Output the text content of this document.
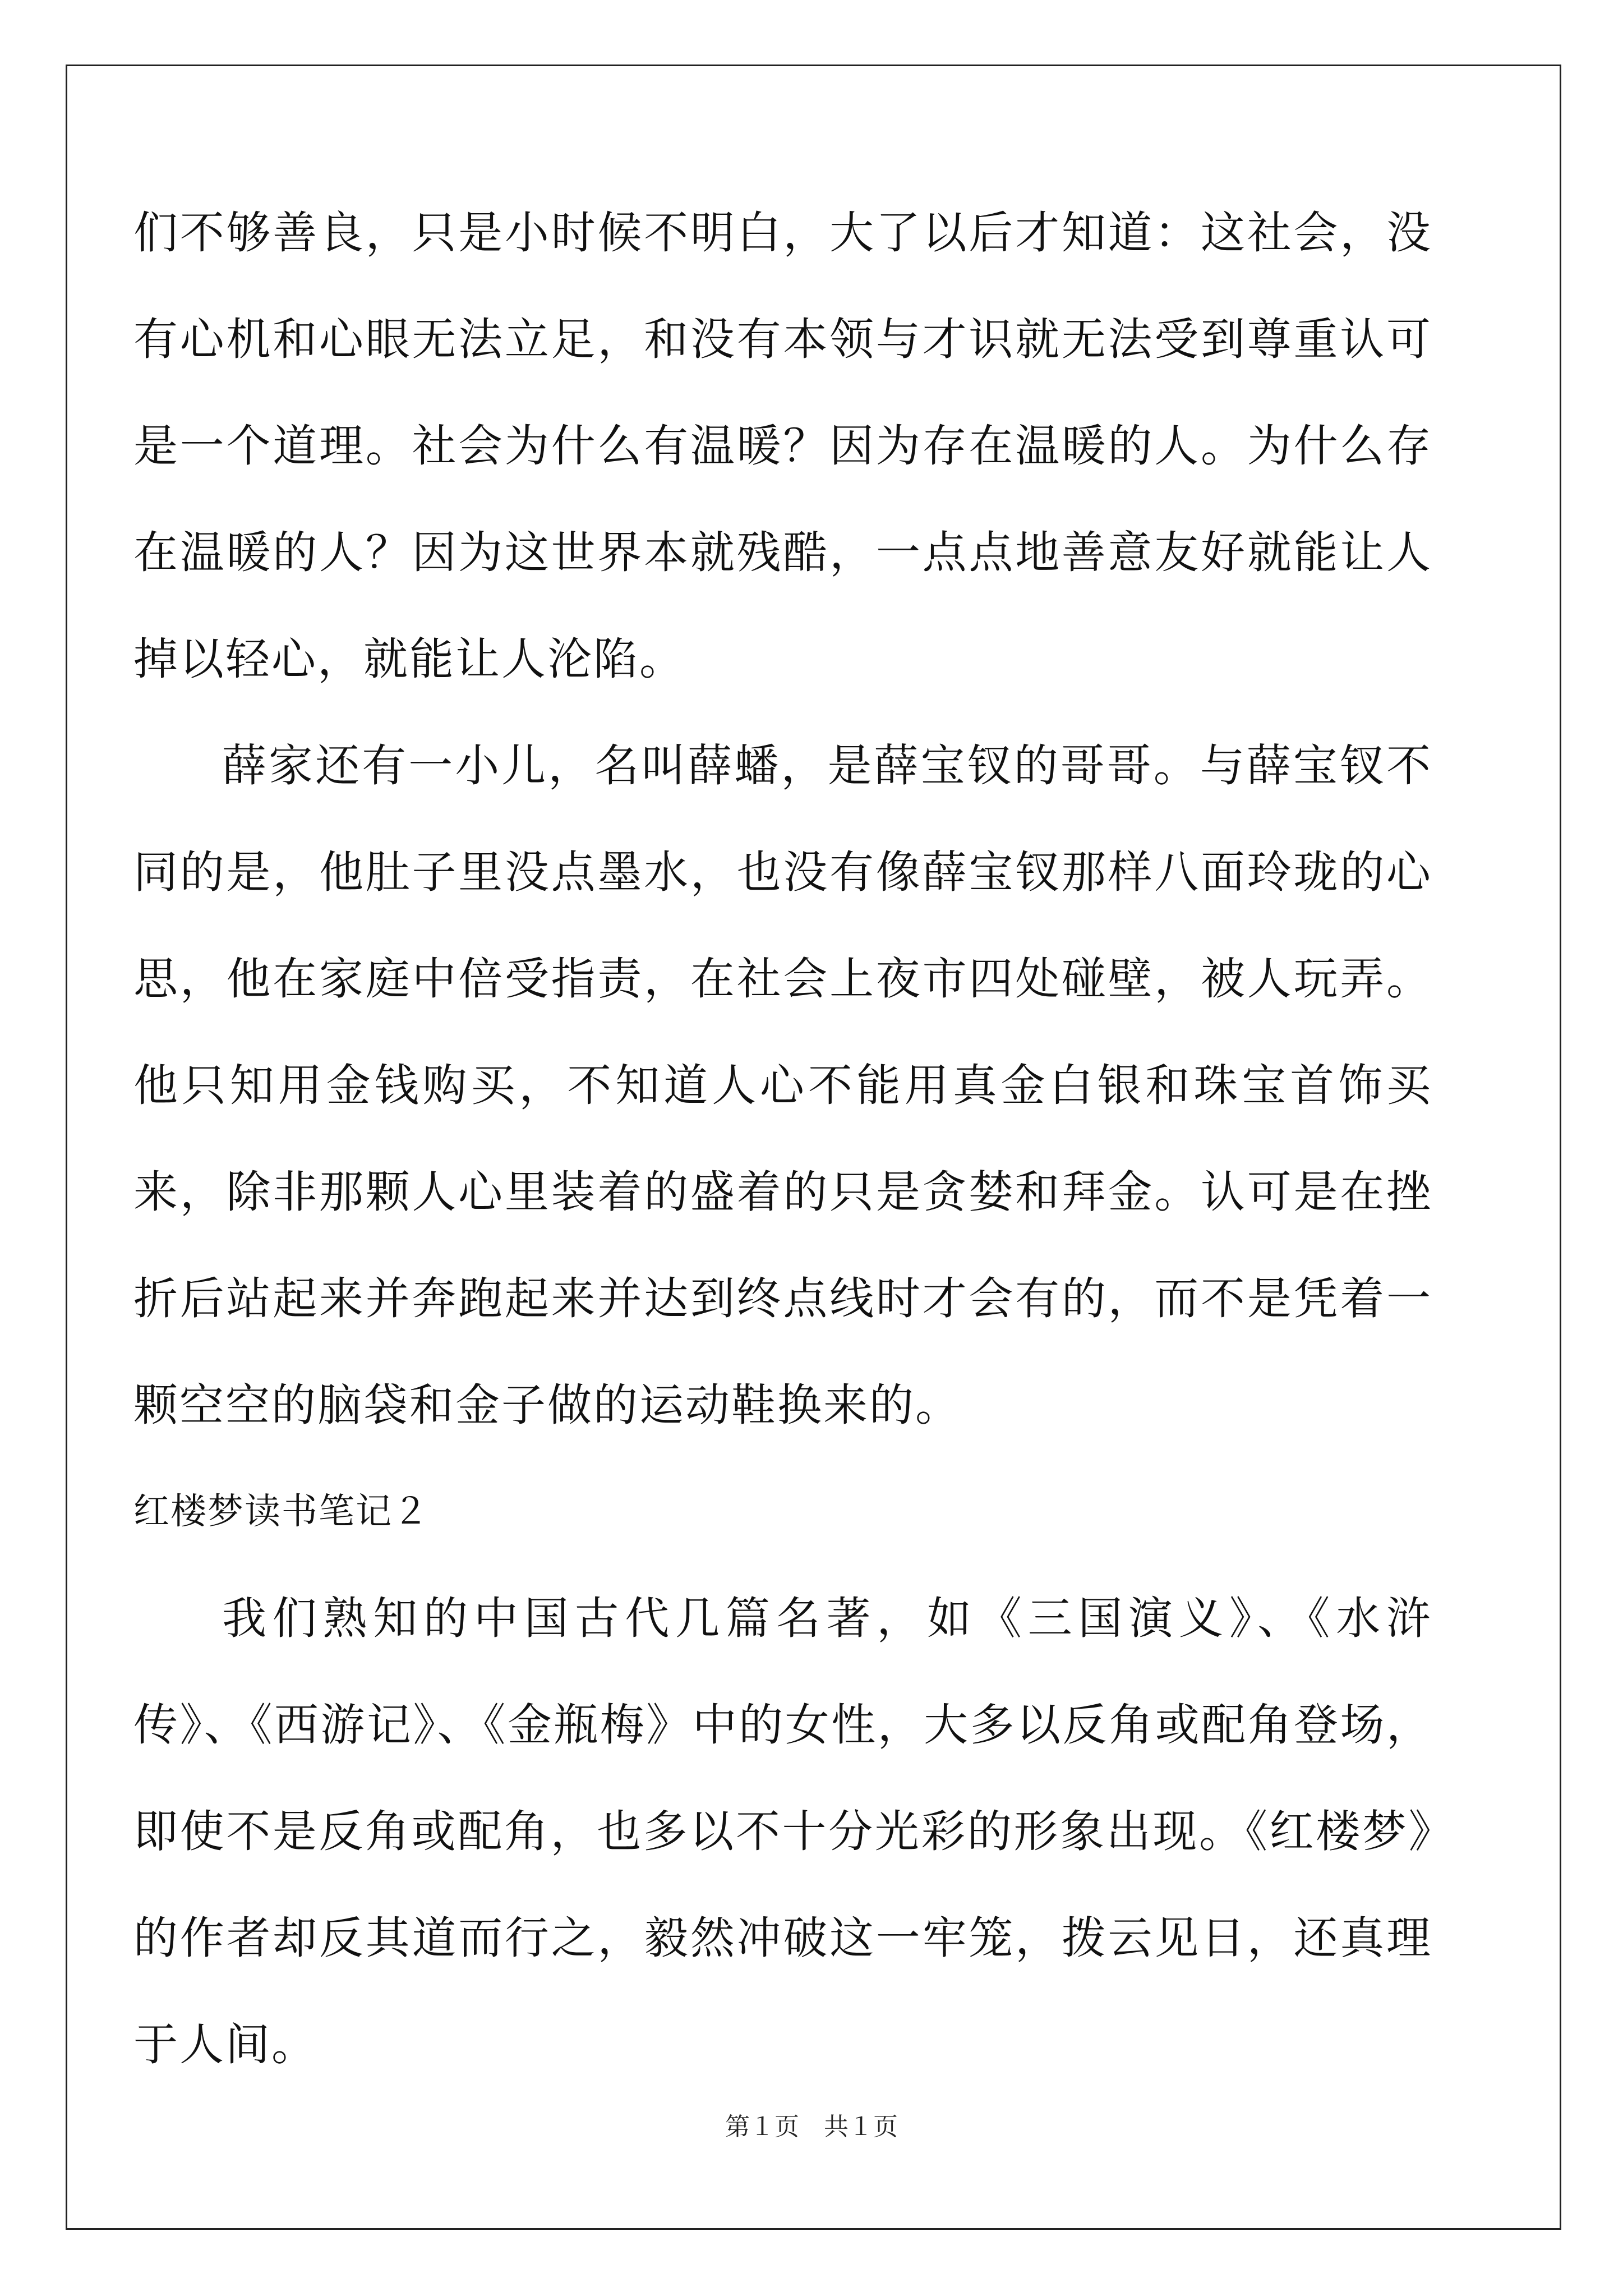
们不够善良，只是小时候不明白，大了以后才知道：这社会，没有心机和心眼无法立足，和没有本领与才识就无法受到尊重认可是一个道理。社会为什么有温暖？因为存在温暖的人。为什么存在温暖的人？因为这世界本就残酷，一点点地善意友好就能让人掉以轻心，就能让人沦陷。

薛家还有一小儿，名叫薛蟠，是薛宝钗的哥哥。与薛宝钗不同的是，他肚子里没点墨水，也没有像薛宝钗那样八面玲珑的心思，他在家庭中倍受指责，在社会上夜市四处碰壁，被人玩弄。他只知用金钱购买，不知道人心不能用真金白银和珠宝首饰买来，除非那颗人心里装着的盛着的只是贪婪和拜金。认可是在挫折后站起来并奔跑起来并达到终点线时才会有的，而不是凭着一颗空空的脑袋和金子做的运动鞋换来的。

红楼梦读书笔记２

我们熟知的中国古代几篇名著，如《三国演义》、《水浒传》、《西游记》、《金瓶梅》中的女性，大多以反角或配角登场，即使不是反角或配角，也多以不十分光彩的形象出现。《红楼梦》的作者却反其道而行之，毅然冲破这一牢笼，拨云见日，还真理于人间。

第１页　共１页
